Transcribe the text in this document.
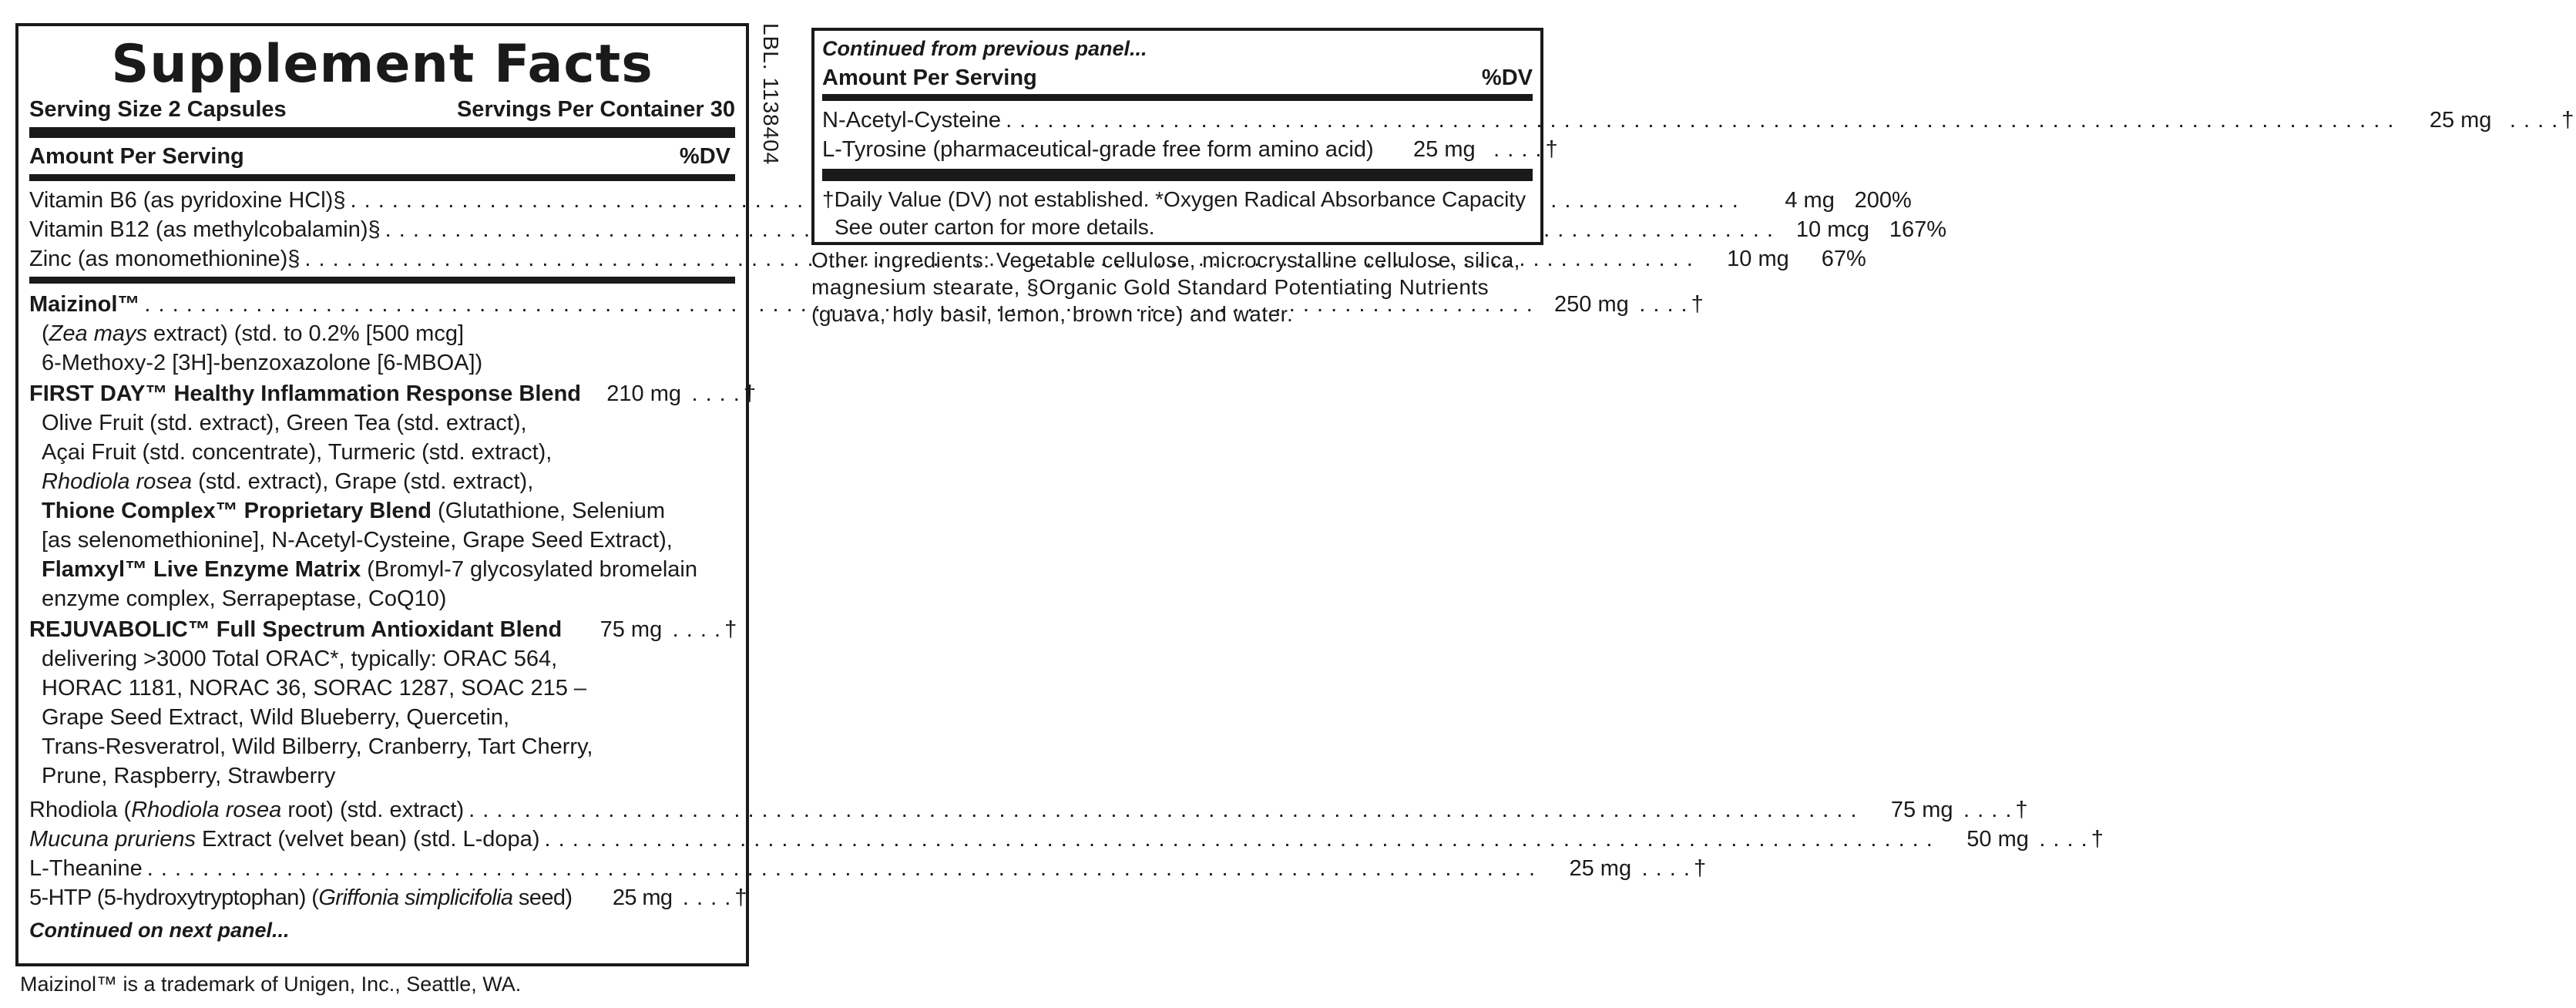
Supplement Facts
Serving Size 2 Capsules	Servings Per Container 30
Amount Per Serving	%DV
Vitamin B6 (as pyridoxine HCl)§ . . .	4 mg 200%
Vitamin B12 (as methylcobalamin)§ . . .	10 mcg 167%
Zinc (as monomethionine)§ . . .	10 mg	67%
Maizinol™ . . .	250 mg	. . . . †
(Zea mays extract) (std. to 0.2% [500 mcg]
6-Methoxy-2 [3H]-benzoxazolone [6-MBOA])
FIRST DAY™ Healthy Inflammation Response Blend	210 mg	. . . . †
Olive Fruit (std. extract), Green Tea (std. extract),
Açai Fruit (std. concentrate), Turmeric (std. extract),
Rhodiola rosea (std. extract), Grape (std. extract),
Thione Complex™ Proprietary Blend (Glutathione, Selenium
[as selenomethionine], N-Acetyl-Cysteine, Grape Seed Extract),
Flamxyl™ Live Enzyme Matrix (Bromyl-7 glycosylated bromelain
enzyme complex, Serrapeptase, CoQ10)
REJUVABOLIC™ Full Spectrum Antioxidant Blend	75 mg	. . . . †
delivering >3000 Total ORAC*, typically: ORAC 564,
HORAC 1181, NORAC 36, SORAC 1287, SOAC 215 –
Grape Seed Extract, Wild Blueberry, Quercetin,
Trans-Resveratrol, Wild Bilberry, Cranberry, Tart Cherry,
Prune, Raspberry, Strawberry
Rhodiola (Rhodiola rosea root) (std. extract) . . .	75 mg	. . . . †
Mucuna pruriens Extract (velvet bean) (std. L-dopa) . . .	50 mg	. . . . †
L-Theanine . . .	25 mg	. . . . †
5-HTP (5-hydroxytryptophan) (Griffonia simplicifolia seed)	25 mg	. . . . †
Continued on next panel...
LBL. 1138404
Maizinol™ is a trademark of Unigen, Inc., Seattle, WA.
Continued from previous panel...
Amount Per Serving	%DV
N-Acetyl-Cysteine . . .	25 mg	. . . . †
L-Tyrosine (pharmaceutical-grade free form amino acid)	25 mg	. . . . †
†Daily Value (DV) not established. *Oxygen Radical Absorbance Capacity
See outer carton for more details.
Other ingredients: Vegetable cellulose, microcrystalline cellulose, silica, magnesium stearate, §Organic Gold Standard Potentiating Nutrients (guava, holy basil, lemon, brown rice) and water.
